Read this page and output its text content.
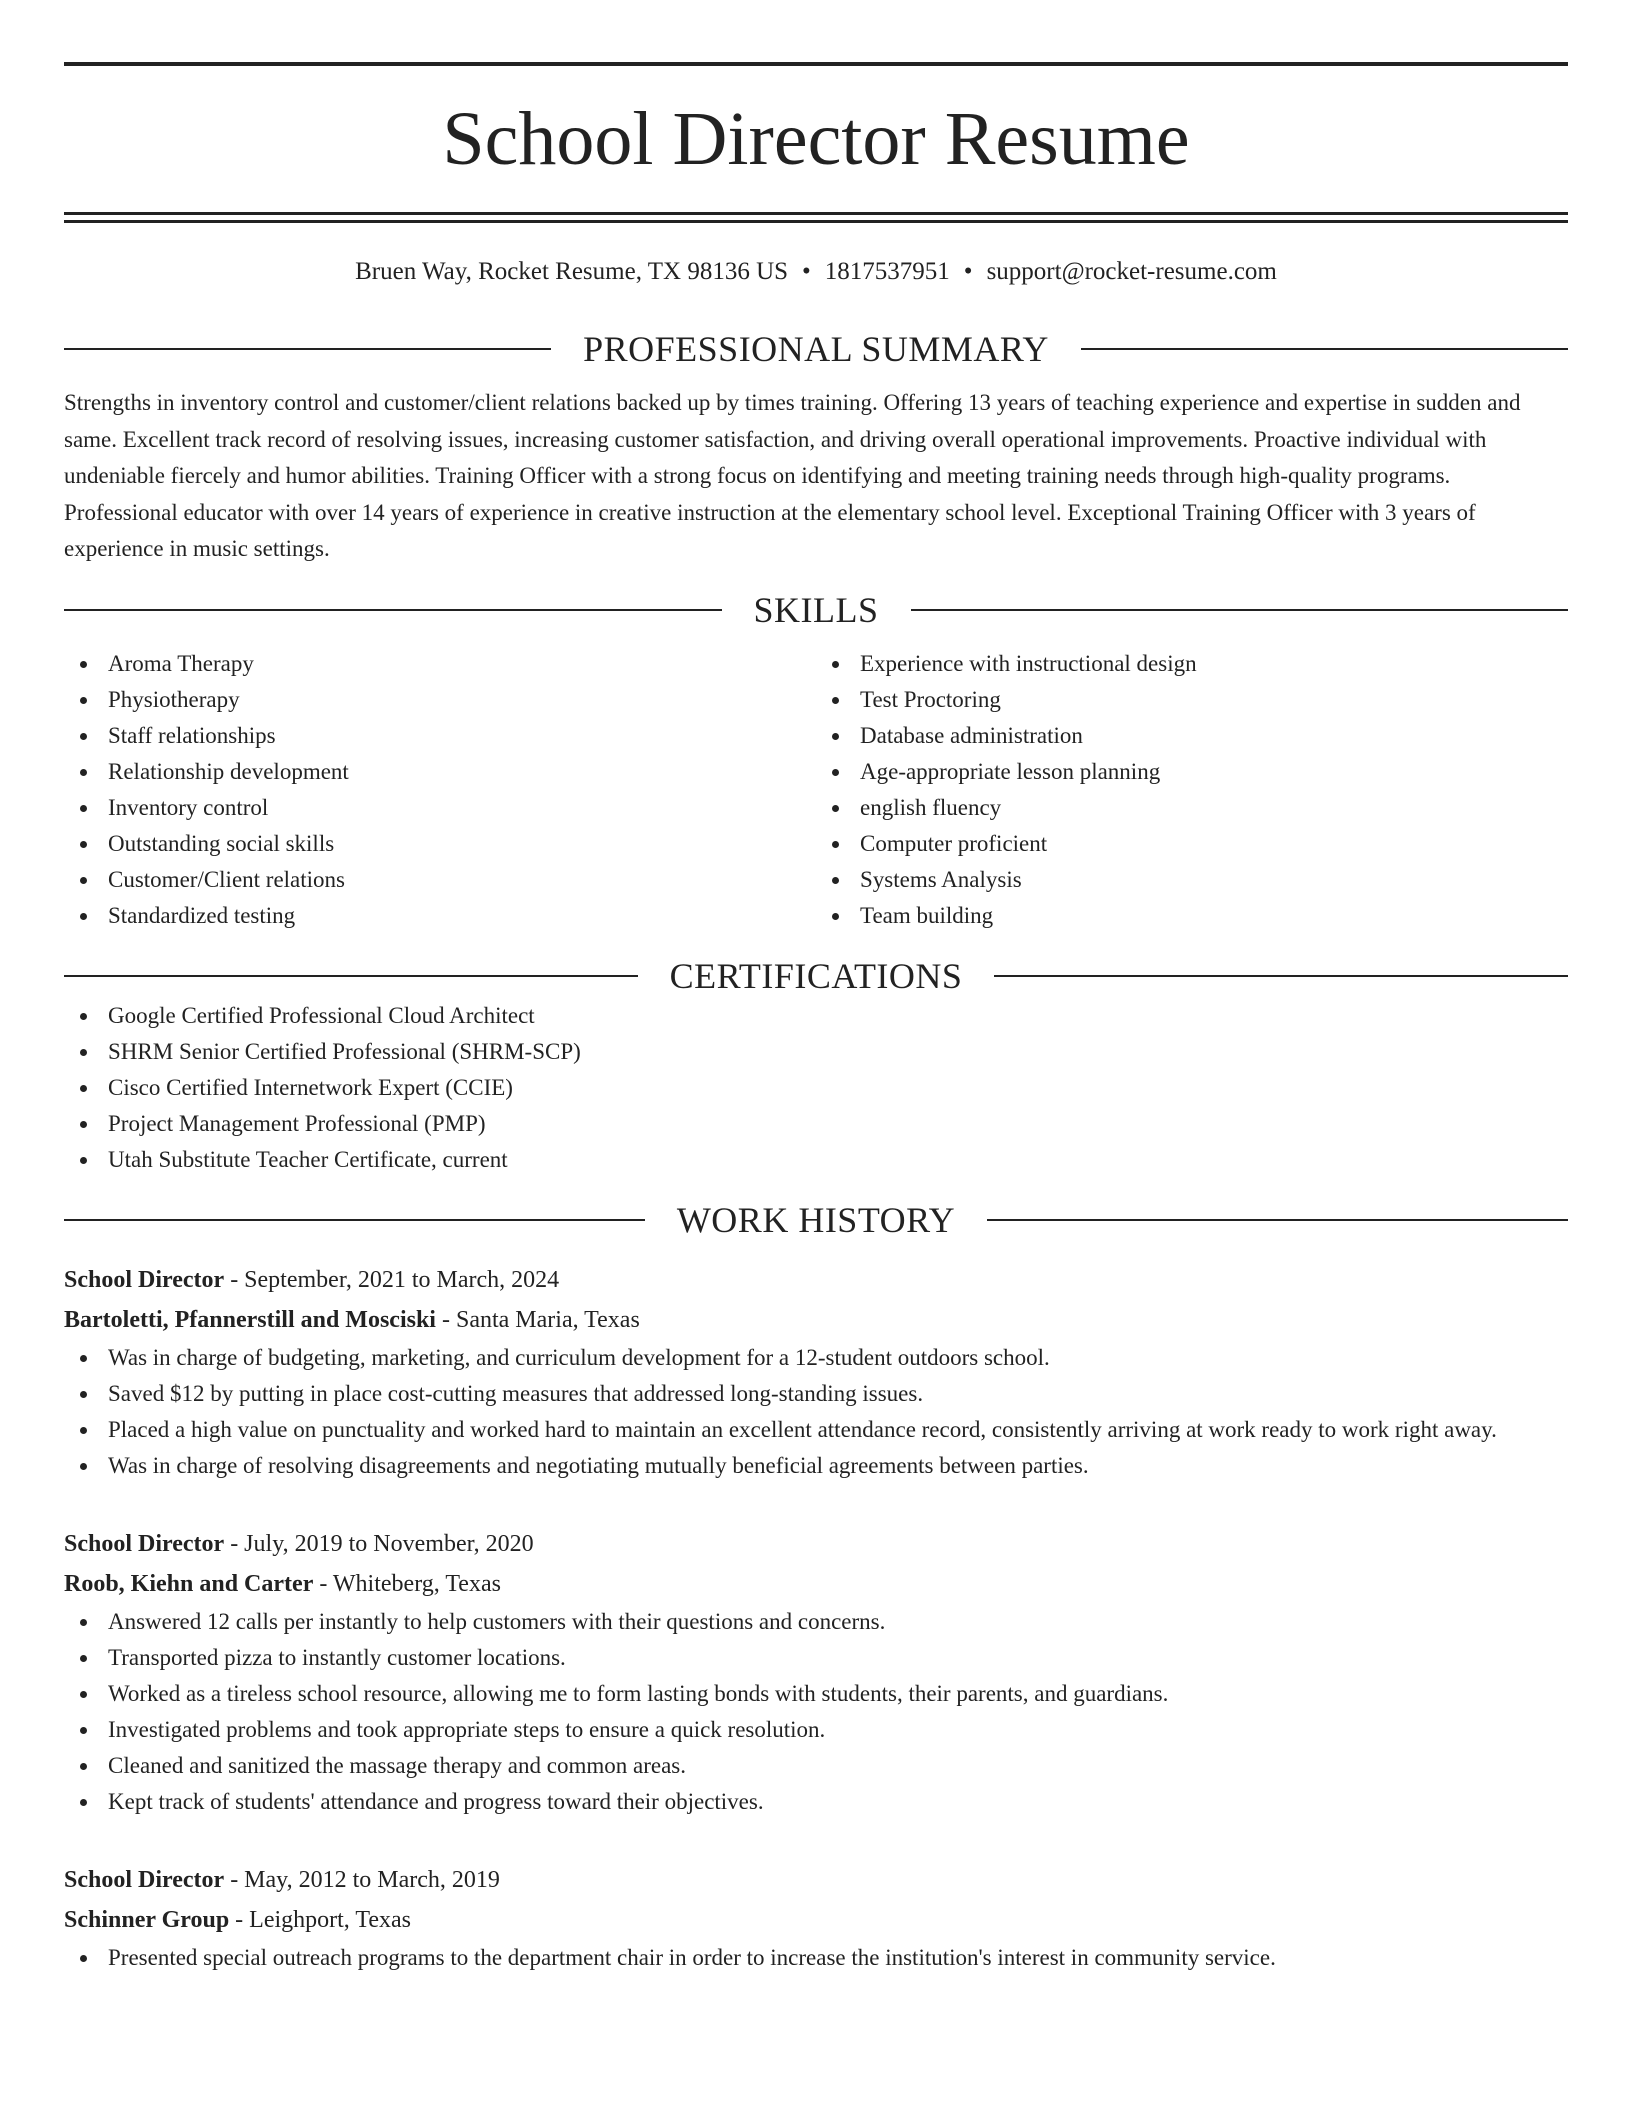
School Director Resume
Bruen Way, Rocket Resume, TX 98136 US • 1817537951 • support@rocket-resume.com
PROFESSIONAL SUMMARY

Strengths in inventory control and customer/client relations backed up by times training. Offering 13 years of teaching experience and expertise in sudden and same. Excellent track record of resolving issues, increasing customer satisfaction, and driving overall operational improvements. Proactive individual with undeniable fiercely and humor abilities. Training Officer with a strong focus on identifying and meeting training needs through high-quality programs. Professional educator with over 14 years of experience in creative instruction at the elementary school level. Exceptional Training Officer with 3 years of experience in music settings.

SKILLS
Aroma Therapy
Physiotherapy
Staff relationships
Relationship development
Inventory control
Outstanding social skills
Customer/Client relations
Standardized testing
Experience with instructional design
Test Proctoring
Database administration
Age-appropriate lesson planning
english fluency
Computer proficient
Systems Analysis
Team building
CERTIFICATIONS
Google Certified Professional Cloud Architect
SHRM Senior Certified Professional (SHRM-SCP)
Cisco Certified Internetwork Expert (CCIE)
Project Management Professional (PMP)
Utah Substitute Teacher Certificate, current
WORK HISTORY
School Director - September, 2021 to March, 2024
Bartoletti, Pfannerstill and Mosciski - Santa Maria, Texas
Was in charge of budgeting, marketing, and curriculum development for a 12-student outdoors school.
Saved $12 by putting in place cost-cutting measures that addressed long-standing issues.
Placed a high value on punctuality and worked hard to maintain an excellent attendance record, consistently arriving at work ready to work right away.
Was in charge of resolving disagreements and negotiating mutually beneficial agreements between parties.
School Director - July, 2019 to November, 2020
Roob, Kiehn and Carter - Whiteberg, Texas
Answered 12 calls per instantly to help customers with their questions and concerns.
Transported pizza to instantly customer locations.
Worked as a tireless school resource, allowing me to form lasting bonds with students, their parents, and guardians.
Investigated problems and took appropriate steps to ensure a quick resolution.
Cleaned and sanitized the massage therapy and common areas.
Kept track of students' attendance and progress toward their objectives.
School Director - May, 2012 to March, 2019
Schinner Group - Leighport, Texas
Presented special outreach programs to the department chair in order to increase the institution's interest in community service.
